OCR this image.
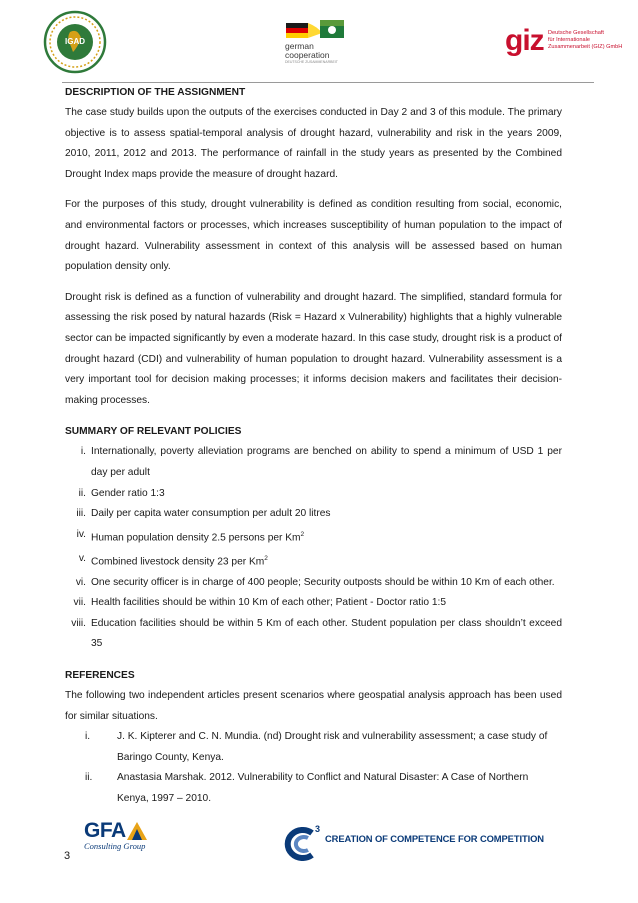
IGAD	german
cooperation
DEUTSCHE ZUSAMMENARBEIT
giz Deutsche Gesellschaft
für Internationale
Zusammenarbeit (GIZ) GmbH
DESCRIPTION OF THE ASSIGNMENT

The case study builds upon the outputs of the exercises conducted in Day 2 and 3 of this module. The primary objective is to assess spatial-temporal analysis of drought hazard, vulnerability and risk in the years 2009, 2010, 2011, 2012 and 2013. The performance of rainfall in the study years as presented by the Combined Drought Index maps provide the measure of drought hazard.

For the purposes of this study, drought vulnerability is defined as condition resulting from social, economic, and environmental factors or processes, which increases susceptibility of human population to the impact of drought hazard. Vulnerability assessment in context of this analysis will be assessed based on human population density only.

Drought risk is defined as a function of vulnerability and drought hazard. The simplified, standard formula for assessing the risk posed by natural hazards (Risk = Hazard x Vulnerability) highlights that a highly vulnerable sector can be impacted significantly by even a moderate hazard. In this case study, drought risk is a product of drought hazard (CDI) and vulnerability of human population to drought hazard. Vulnerability assessment is a very important tool for decision making processes; it informs decision makers and facilitates their decision-making processes.

SUMMARY OF RELEVANT POLICIES
i. Internationally, poverty alleviation programs are benched on ability to spend a minimum of USD 1 per day per adult
ii. Gender ratio 1:3
iii. Daily per capita water consumption per adult 20 litres
iv. Human population density 2.5 persons per Km$^2$
v. Combined livestock density 23 per Km$^2$
vi. One security officer is in charge of 400 people; Security outposts should be within 10 Km of each other.
vii. Health facilities should be within 10 Km of each other; Patient - Doctor ratio 1:5
viii. Education facilities should be within 5 Km of each other. Student population per class shouldn’t exceed 35
REFERENCES

The following two independent articles present scenarios where geospatial analysis approach has been used for similar situations.

i.	J. K. Kipterer and C. N. Mundia. (nd) Drought risk and vulnerability assessment; a case study of Baringo County, Kenya.
ii.	Anastasia Marshak. 2012. Vulnerability to Conflict and Natural Disaster: A Case of Northern Kenya, 1997 – 2010.
GFA
Consulting Group
3
CREATION OF COMPETENCE FOR COMPETITION
3
